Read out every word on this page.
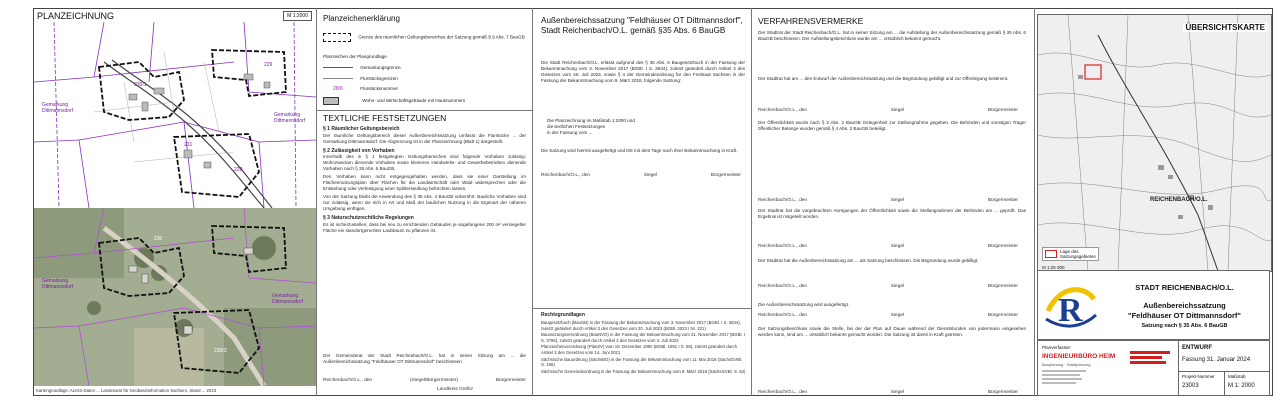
PLANZEICHNUNG	M 1:2000
235/1
231
228
229
Gemarkung Dittmannsdorf
Gemarkung Dittmannsdorf
Gemarkung Dittmannsdorf
Gemarkung Dittmannsdorf
230
239/3
Kartengrundlage: ALKIS-Daten ... Landesamt für Geobasisinformation Sachsen, Stand ... 2023
Planzeichenerklärung
Grenze des räumlichen Geltungsbereiches der Satzung gemäß § 9 Abs. 7 BauGB
Planzeichen der Plangrundlage
Gemarkungsgrenze
Flurstücksgrenzen
28/6	Flurstücksnummer
Wohn- und Wirtschaftsgebäude mit Hausnummern
TEXTLICHE FESTSETZUNGEN
§ 1 Räumlicher Geltungsbereich
Der räumliche Geltungsbereich dieser Außenbereichssatzung umfasst die Flurstücke ... der Gemarkung Dittmannsdorf. Die Abgrenzung ist in der Planzeichnung (Blatt 1) dargestellt.
§ 2 Zulässigkeit von Vorhaben
Innerhalb des in § 1 festgelegten Geltungsbereiches sind folgende Vorhaben zulässig: Wohnzwecken dienende Vorhaben sowie kleineren Handwerks- und Gewerbebetrieben dienende Vorhaben nach § 35 Abs. 6 BauGB.
Den Vorhaben kann nicht entgegengehalten werden, dass sie einer Darstellung im Flächennutzungsplan über Flächen für die Landwirtschaft oder Wald widersprechen oder die Entstehung oder Verfestigung einer Splittersiedlung befürchten lassen.
Von der Satzung bleibt die Anwendung des § 35 Abs. 4 BauGB unberührt. Bauliche Vorhaben sind nur zulässig, wenn sie sich in Art und Maß der baulichen Nutzung in die Eigenart der näheren Umgebung einfügen.
§ 3 Naturschutzrechtliche Regelungen
Es ist sicherzustellen, dass bei neu zu errichtenden Gebäuden je angefangene 200 m² versiegelter Fläche ein standortgerechter Laubbaum zu pflanzen ist.
Der Gemeinderat der Stadt Reichenbach/O.L. hat in seiner Sitzung am ... die Außenbereichssatzung "Feldhäuser OT Dittmannsdorf" beschlossen.
Reichenbach/O.L., den	(Siegel/Bürgermeister)	Bürgermeister
Landkreis Görlitz
Außenbereichssatzung "Feldhäuser OT Dittmannsdorf", Stadt Reichenbach/O.L. gemäß §35 Abs. 6 BauGB
Die Stadt Reichenbach/O.L. erlässt aufgrund des § 35 Abs. 6 Baugesetzbuch in der Fassung der Bekanntmachung vom 3. November 2017 (BGBl. I S. 3634), zuletzt geändert durch Artikel 3 des Gesetzes vom 20. Juli 2023, sowie § 4 der Gemeindeordnung für den Freistaat Sachsen in der Fassung der Bekanntmachung vom 9. März 2018, folgende Satzung:
Die Planzeichnung im Maßstab 1:2000 und
die textlichen Festsetzungen
in der Fassung vom ...
Die Satzung wird hiermit ausgefertigt und tritt mit dem Tage nach ihrer Bekanntmachung in Kraft.
Reichenbach/O.L., den	Siegel	Bürgermeister
Rechtsgrundlagen
Baugesetzbuch (BauGB) in der Fassung der Bekanntmachung vom 3. November 2017 (BGBl. I S. 3634), zuletzt geändert durch Artikel 3 des Gesetzes vom 20. Juli 2023 (BGBl. 2023 I Nr. 221)
Baunutzungsverordnung (BauNVO) in der Fassung der Bekanntmachung vom 21. November 2017 (BGBl. I S. 3786), zuletzt geändert durch Artikel 2 des Gesetzes vom 3. Juli 2023
Planzeichenverordnung (PlanZV) vom 18. Dezember 1990 (BGBl. 1991 I S. 58), zuletzt geändert durch Artikel 3 des Gesetzes vom 14. Juni 2021
Sächsische Bauordnung (SächsBO) in der Fassung der Bekanntmachung vom 11. Mai 2016 (SächsGVBl. S. 186)
Sächsische Gemeindeordnung in der Fassung der Bekanntmachung vom 9. März 2018 (SächsGVBl. S. 62)
VERFAHRENSVERMERKE
Der Stadtrat der Stadt Reichenbach/O.L. hat in seiner Sitzung am ... die Aufstellung der Außenbereichssatzung gemäß § 35 Abs. 6 BauGB beschlossen. Der Aufstellungsbeschluss wurde am ... ortsüblich bekannt gemacht.
Der Stadtrat hat am ... den Entwurf der Außenbereichssatzung und die Begründung gebilligt und zur Offenlegung bestimmt.
Reichenbach/O.L., den	Siegel	Bürgermeister
Der Öffentlichkeit wurde nach § 3 Abs. 2 BauGB Gelegenheit zur Stellungnahme gegeben. Die Behörden und sonstigen Träger öffentlicher Belange wurden gemäß § 4 Abs. 2 BauGB beteiligt.
Reichenbach/O.L., den	Siegel	Bürgermeister
Der Stadtrat hat die vorgebrachten Anregungen der Öffentlichkeit sowie die Stellungnahmen der Behörden am ... geprüft. Das Ergebnis ist mitgeteilt worden.
Reichenbach/O.L., den	Siegel	Bürgermeister
Der Stadtrat hat die Außenbereichssatzung am ... als Satzung beschlossen. Die Begründung wurde gebilligt.
Reichenbach/O.L., den	Siegel	Bürgermeister
Die Außenbereichssatzung wird ausgefertigt.
Reichenbach/O.L., den	Siegel	Bürgermeister
Der Satzungsbeschluss sowie die Stelle, bei der der Plan auf Dauer während der Dienststunden von jedermann eingesehen werden kann, sind am ... ortsüblich bekannt gemacht worden. Die Satzung ist damit in Kraft getreten.
Reichenbach/O.L., den	Siegel	Bürgermeister
ÜBERSICHTSKARTE
REICHENBACH/O.L.
Lage des Satzungsgebietes
M 1:25 000
R
STADT REICHENBACH/O.L.
Außenbereichssatzung
"Feldhäuser OT Dittmannsdorf"
Satzung nach § 35 Abs. 6 BauGB
Planverfasser:
INGENIEURBÜRO HEIM
Bauplanung · Stadtplanung
ENTWURF
Fassung 31. Januar 2024
Projekt-Nummer
23003
Maßstab
M 1: 2000
